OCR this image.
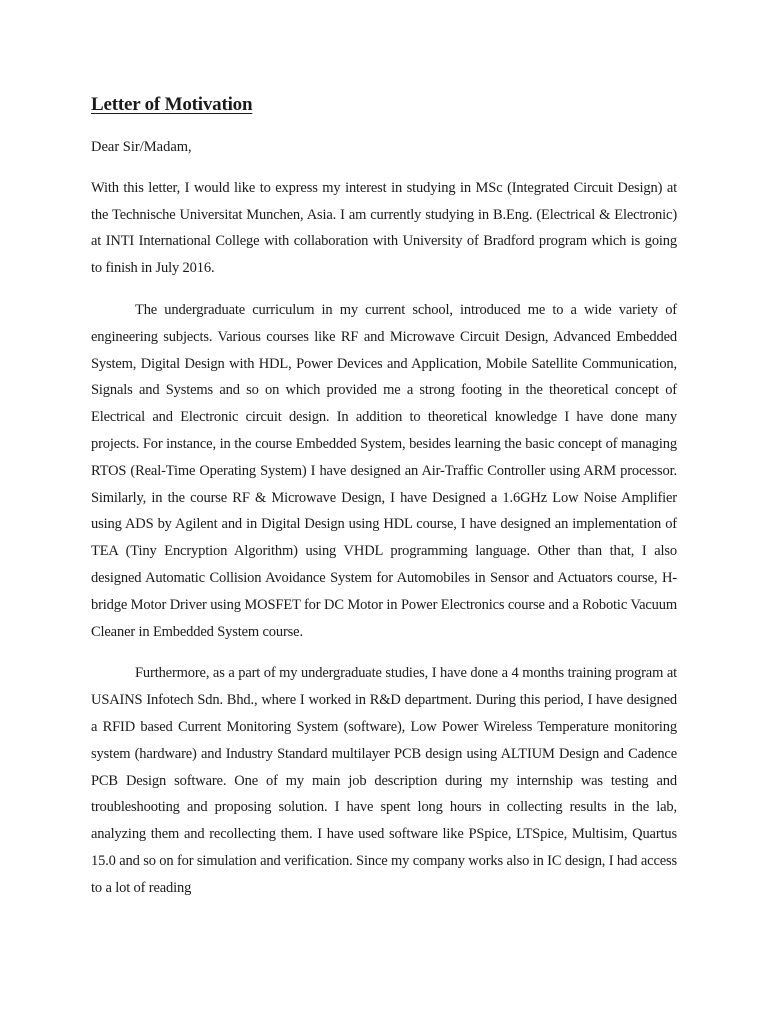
Letter of Motivation

Dear Sir/Madam,

With this letter, I would like to express my interest in studying in MSc (Integrated Circuit Design) at the Technische Universitat Munchen, Asia. I am currently studying in B.Eng. (Electrical & Electronic) at INTI International College with collaboration with University of Bradford program which is going to finish in July 2016.

The undergraduate curriculum in my current school, introduced me to a wide variety of engineering subjects. Various courses like RF and Microwave Circuit Design, Advanced Embedded System, Digital Design with HDL, Power Devices and Application, Mobile Satellite Communication, Signals and Systems and so on which provided me a strong footing in the theoretical concept of Electrical and Electronic circuit design. In addition to theoretical knowledge I have done many projects. For instance, in the course Embedded System, besides learning the basic concept of managing RTOS (Real-Time Operating System) I have designed an Air-Traffic Controller using ARM processor. Similarly, in the course RF & Microwave Design, I have Designed a 1.6GHz Low Noise Amplifier using ADS by Agilent and in Digital Design using HDL course, I have designed an implementation of TEA (Tiny Encryption Algorithm) using VHDL programming language. Other than that, I also designed Automatic Collision Avoidance System for Automobiles in Sensor and Actuators course, H-bridge Motor Driver using MOSFET for DC Motor in Power Electronics course and a Robotic Vacuum Cleaner in Embedded System course.

Furthermore, as a part of my undergraduate studies, I have done a 4 months training program at USAINS Infotech Sdn. Bhd., where I worked in R&D department. During this period, I have designed a RFID based Current Monitoring System (software), Low Power Wireless Temperature monitoring system (hardware) and Industry Standard multilayer PCB design using ALTIUM Design and Cadence PCB Design software. One of my main job description during my internship was testing and troubleshooting and proposing solution. I have spent long hours in collecting results in the lab, analyzing them and recollecting them. I have used software like PSpice, LTSpice, Multisim, Quartus 15.0 and so on for simulation and verification. Since my company works also in IC design, I had access to a lot of reading
